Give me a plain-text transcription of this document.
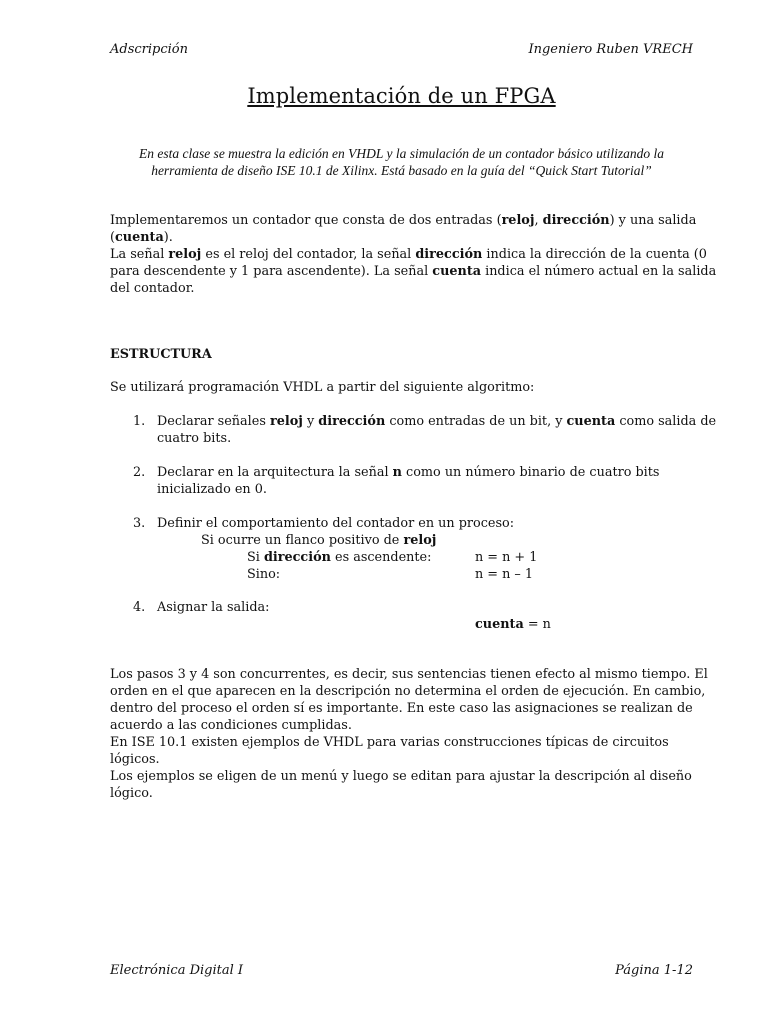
Adscripción	Ingeniero Ruben VRECH
Implementación de un FPGA
En esta clase se muestra la edición en VHDL y la simulación de un contador básico utilizando la
herramienta de diseño ISE 10.1 de Xilinx. Está basado en la guía del “Quick Start Tutorial”
Implementaremos un contador que consta de dos entradas (reloj, dirección) y una salida
(cuenta).
La señal reloj es el reloj del contador, la señal dirección indica la dirección de la cuenta (0
para descendente y 1 para ascendente). La señal cuenta indica el número actual en la salida
del contador.
ESTRUCTURA
Se utilizará programación VHDL a partir del siguiente algoritmo:
1. Declarar señales reloj y dirección como entradas de un bit, y cuenta como salida de
cuatro bits.
2. Declarar en la arquitectura la señal n como un número binario de cuatro bits
inicializado en 0.
3. Definir el comportamiento del contador en un proceso:
Si ocurre un flanco positivo de reloj
Si dirección es ascendente:	n = n + 1
Sino:	n = n – 1
4. Asignar la salida:
cuenta = n
Los pasos 3 y 4 son concurrentes, es decir, sus sentencias tienen efecto al mismo tiempo. El
orden en el que aparecen en la descripción no determina el orden de ejecución. En cambio,
dentro del proceso el orden sí es importante. En este caso las asignaciones se realizan de
acuerdo a las condiciones cumplidas.
En ISE 10.1 existen ejemplos de VHDL para varias construcciones típicas de circuitos
lógicos.
Los ejemplos se eligen de un menú y luego se editan para ajustar la descripción al diseño
lógico.
Electrónica Digital I	Página 1-12
